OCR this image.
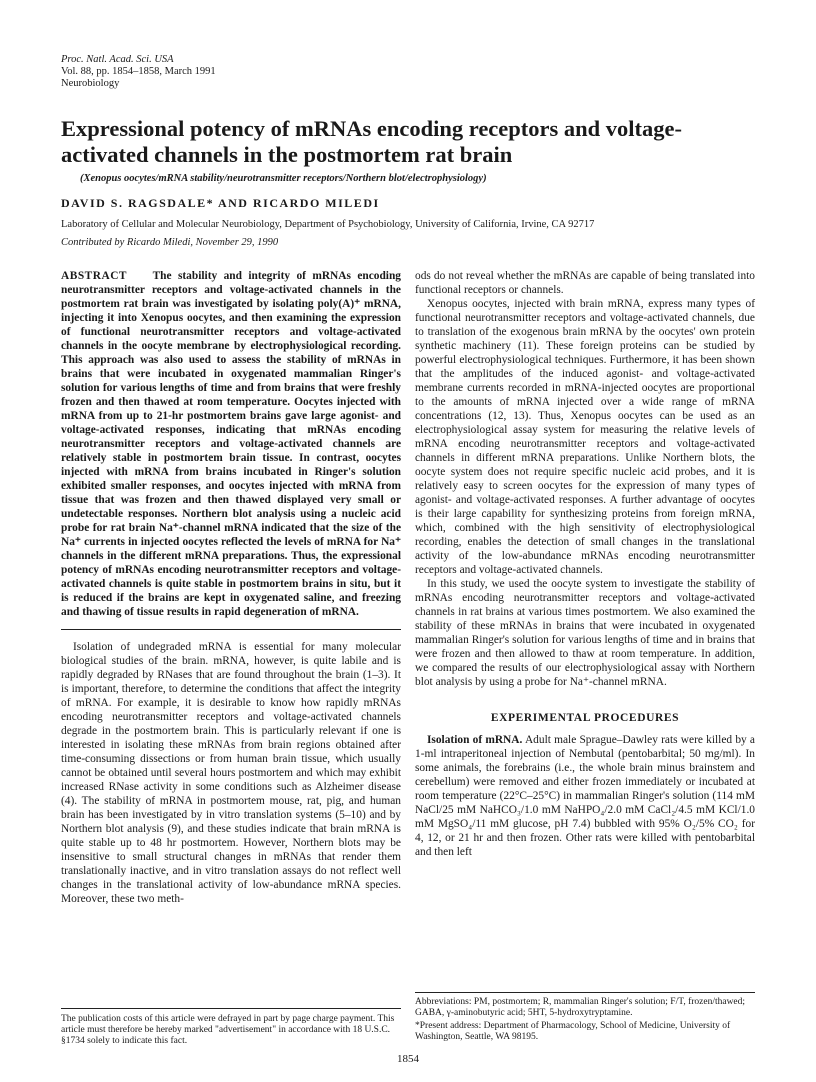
Proc. Natl. Acad. Sci. USA
Vol. 88, pp. 1854–1858, March 1991
Neurobiology
Expressional potency of mRNAs encoding receptors and voltage-activated channels in the postmortem rat brain
(Xenopus oocytes/mRNA stability/neurotransmitter receptors/Northern blot/electrophysiology)
DAVID S. RAGSDALE* AND RICARDO MILEDI
Laboratory of Cellular and Molecular Neurobiology, Department of Psychobiology, University of California, Irvine, CA 92717
Contributed by Ricardo Miledi, November 29, 1990

ABSTRACT The stability and integrity of mRNAs encoding neurotransmitter receptors and voltage-activated channels in the postmortem rat brain was investigated by isolating poly(A)⁺ mRNA, injecting it into Xenopus oocytes, and then examining the expression of functional neurotransmitter receptors and voltage-activated channels in the oocyte membrane by electrophysiological recording. This approach was also used to assess the stability of mRNAs in brains that were incubated in oxygenated mammalian Ringer's solution for various lengths of time and from brains that were freshly frozen and then thawed at room temperature. Oocytes injected with mRNA from up to 21-hr postmortem brains gave large agonist- and voltage-activated responses, indicating that mRNAs encoding neurotransmitter receptors and voltage-activated channels are relatively stable in postmortem brain tissue. In contrast, oocytes injected with mRNA from brains incubated in Ringer's solution exhibited smaller responses, and oocytes injected with mRNA from tissue that was frozen and then thawed displayed very small or undetectable responses. Northern blot analysis using a nucleic acid probe for rat brain Na⁺-channel mRNA indicated that the size of the Na⁺ currents in injected oocytes reflected the levels of mRNA for Na⁺ channels in the different mRNA preparations. Thus, the expressional potency of mRNAs encoding neurotransmitter receptors and voltage-activated channels is quite stable in postmortem brains in situ, but it is reduced if the brains are kept in oxygenated saline, and freezing and thawing of tissue results in rapid degeneration of mRNA.

Isolation of undegraded mRNA is essential for many molecular biological studies of the brain. mRNA, however, is quite labile and is rapidly degraded by RNases that are found throughout the brain (1–3). It is important, therefore, to determine the conditions that affect the integrity of mRNA. For example, it is desirable to know how rapidly mRNAs encoding neurotransmitter receptors and voltage-activated channels degrade in the postmortem brain. This is particularly relevant if one is interested in isolating these mRNAs from brain regions obtained after time-consuming dissections or from human brain tissue, which usually cannot be obtained until several hours postmortem and which may exhibit increased RNase activity in some conditions such as Alzheimer disease (4). The stability of mRNA in postmortem mouse, rat, pig, and human brain has been investigated by in vitro translation systems (5–10) and by Northern blot analysis (9), and these studies indicate that brain mRNA is quite stable up to 48 hr postmortem. However, Northern blots may be insensitive to small structural changes in mRNAs that render them translationally inactive, and in vitro translation assays do not reflect well changes in the translational activity of low-abundance mRNA species. Moreover, these two meth-

ods do not reveal whether the mRNAs are capable of being translated into functional receptors or channels.

Xenopus oocytes, injected with brain mRNA, express many types of functional neurotransmitter receptors and voltage-activated channels, due to translation of the exogenous brain mRNA by the oocytes' own protein synthetic machinery (11). These foreign proteins can be studied by powerful electrophysiological techniques. Furthermore, it has been shown that the amplitudes of the induced agonist- and voltage-activated membrane currents recorded in mRNA-injected oocytes are proportional to the amounts of mRNA injected over a wide range of mRNA concentrations (12, 13). Thus, Xenopus oocytes can be used as an electrophysiological assay system for measuring the relative levels of mRNA encoding neurotransmitter receptors and voltage-activated channels in different mRNA preparations. Unlike Northern blots, the oocyte system does not require specific nucleic acid probes, and it is relatively easy to screen oocytes for the expression of many types of agonist- and voltage-activated responses. A further advantage of oocytes is their large capability for synthesizing proteins from foreign mRNA, which, combined with the high sensitivity of electrophysiological recording, enables the detection of small changes in the translational activity of the low-abundance mRNAs encoding neurotransmitter receptors and voltage-activated channels.

In this study, we used the oocyte system to investigate the stability of mRNAs encoding neurotransmitter receptors and voltage-activated channels in rat brains at various times postmortem. We also examined the stability of these mRNAs in brains that were incubated in oxygenated mammalian Ringer's solution for various lengths of time and in brains that were frozen and then allowed to thaw at room temperature. In addition, we compared the results of our electrophysiological assay with Northern blot analysis by using a probe for Na⁺-channel mRNA.

EXPERIMENTAL PROCEDURES

Isolation of mRNA. Adult male Sprague–Dawley rats were killed by a 1-ml intraperitoneal injection of Nembutal (pentobarbital; 50 mg/ml). In some animals, the forebrains (i.e., the whole brain minus brainstem and cerebellum) were removed and either frozen immediately or incubated at room temperature (22°C–25°C) in mammalian Ringer's solution (114 mM NaCl/25 mM NaHCO₃/1.0 mM NaHPO₄/2.0 mM CaCl₂/4.5 mM KCl/1.0 mM MgSO₄/11 mM glucose, pH 7.4) bubbled with 95% O₂/5% CO₂ for 4, 12, or 21 hr and then frozen. Other rats were killed with pentobarbital and then left

The publication costs of this article were defrayed in part by page charge payment. This article must therefore be hereby marked "advertisement" in accordance with 18 U.S.C. §1734 solely to indicate this fact.

Abbreviations: PM, postmortem; R, mammalian Ringer's solution; F/T, frozen/thawed; GABA, γ-aminobutyric acid; 5HT, 5-hydroxytryptamine.

*Present address: Department of Pharmacology, School of Medicine, University of Washington, Seattle, WA 98195.

1854
